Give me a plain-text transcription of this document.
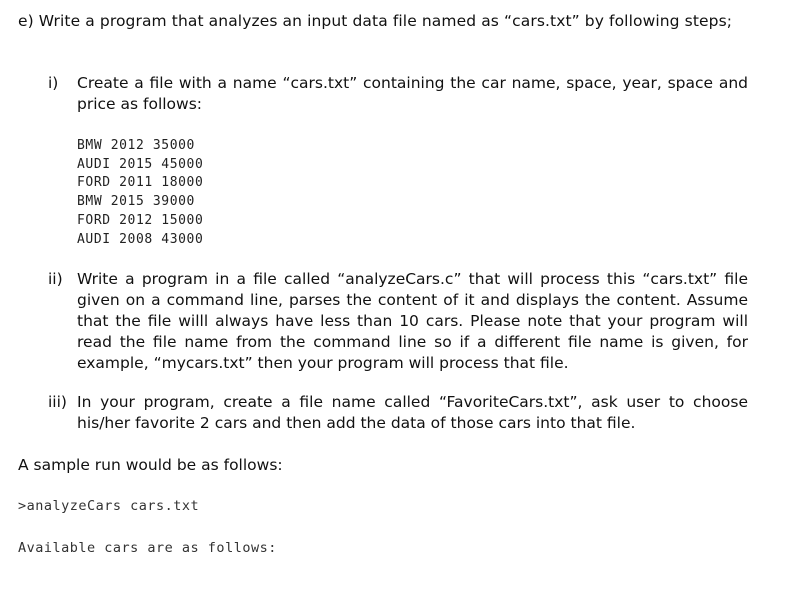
e) Write a program that analyzes an input data file named as “cars.txt” by following steps;
i) Create a file with a name “cars.txt” containing the car name, space, year, space and price as follows:
BMW 2012 35000
AUDI 2015 45000
FORD 2011 18000
BMW 2015 39000
FORD 2012 15000
AUDI 2008 43000
ii) Write a program in a file called “analyzeCars.c” that will process this “cars.txt” file given on a command line, parses the content of it and displays the content. Assume that the file willl always have less than 10 cars. Please note that your program will read the file name from the command line so if a different file name is given, for example, “mycars.txt” then your program will process that file.
iii) In your program, create a file name called “FavoriteCars.txt”, ask user to choose his/her favorite 2 cars and then add the data of those cars into that file.
A sample run would be as follows:
>analyzeCars cars.txt
Available cars are as follows:
